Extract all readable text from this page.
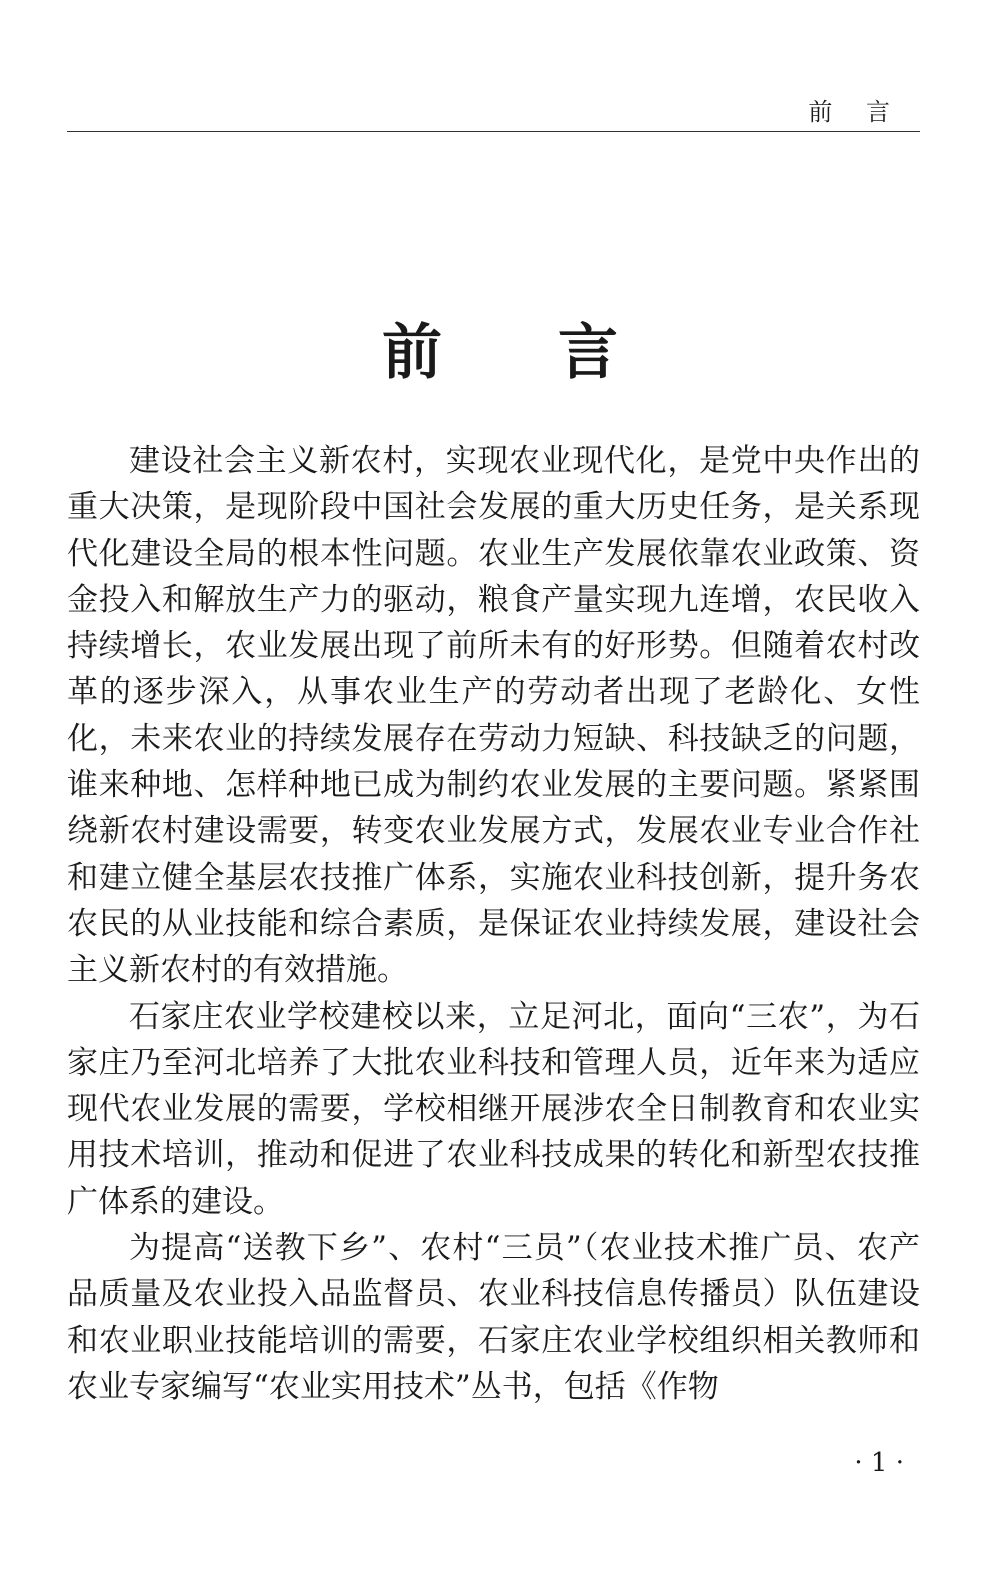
前 言
前 言

建设社会主义新农村，实现农业现代化，是党中央作出的重大决策，是现阶段中国社会发展的重大历史任务，是关系现代化建设全局的根本性问题。农业生产发展依靠农业政策、资金投入和解放生产力的驱动，粮食产量实现九连增，农民收入持续增长，农业发展出现了前所未有的好形势。但随着农村改革的逐步深入，从事农业生产的劳动者出现了老龄化、女性化，未来农业的持续发展存在劳动力短缺、科技缺乏的问题，谁来种地、怎样种地已成为制约农业发展的主要问题。紧紧围绕新农村建设需要，转变农业发展方式，发展农业专业合作社和建立健全基层农技推广体系，实施农业科技创新，提升务农农民的从业技能和综合素质，是保证农业持续发展，建设社会主义新农村的有效措施。

石家庄农业学校建校以来，立足河北，面向“三农”，为石家庄乃至河北培养了大批农业科技和管理人员，近年来为适应现代农业发展的需要，学校相继开展涉农全日制教育和农业实用技术培训，推动和促进了农业科技成果的转化和新型农技推广体系的建设。

为提高“送教下乡”、农村“三员”（农业技术推广员、农产品质量及农业投入品监督员、农业科技信息传播员）队伍建设和农业职业技能培训的需要，石家庄农业学校组织相关教师和农业专家编写“农业实用技术”丛书，包括《作物

· 1 ·
